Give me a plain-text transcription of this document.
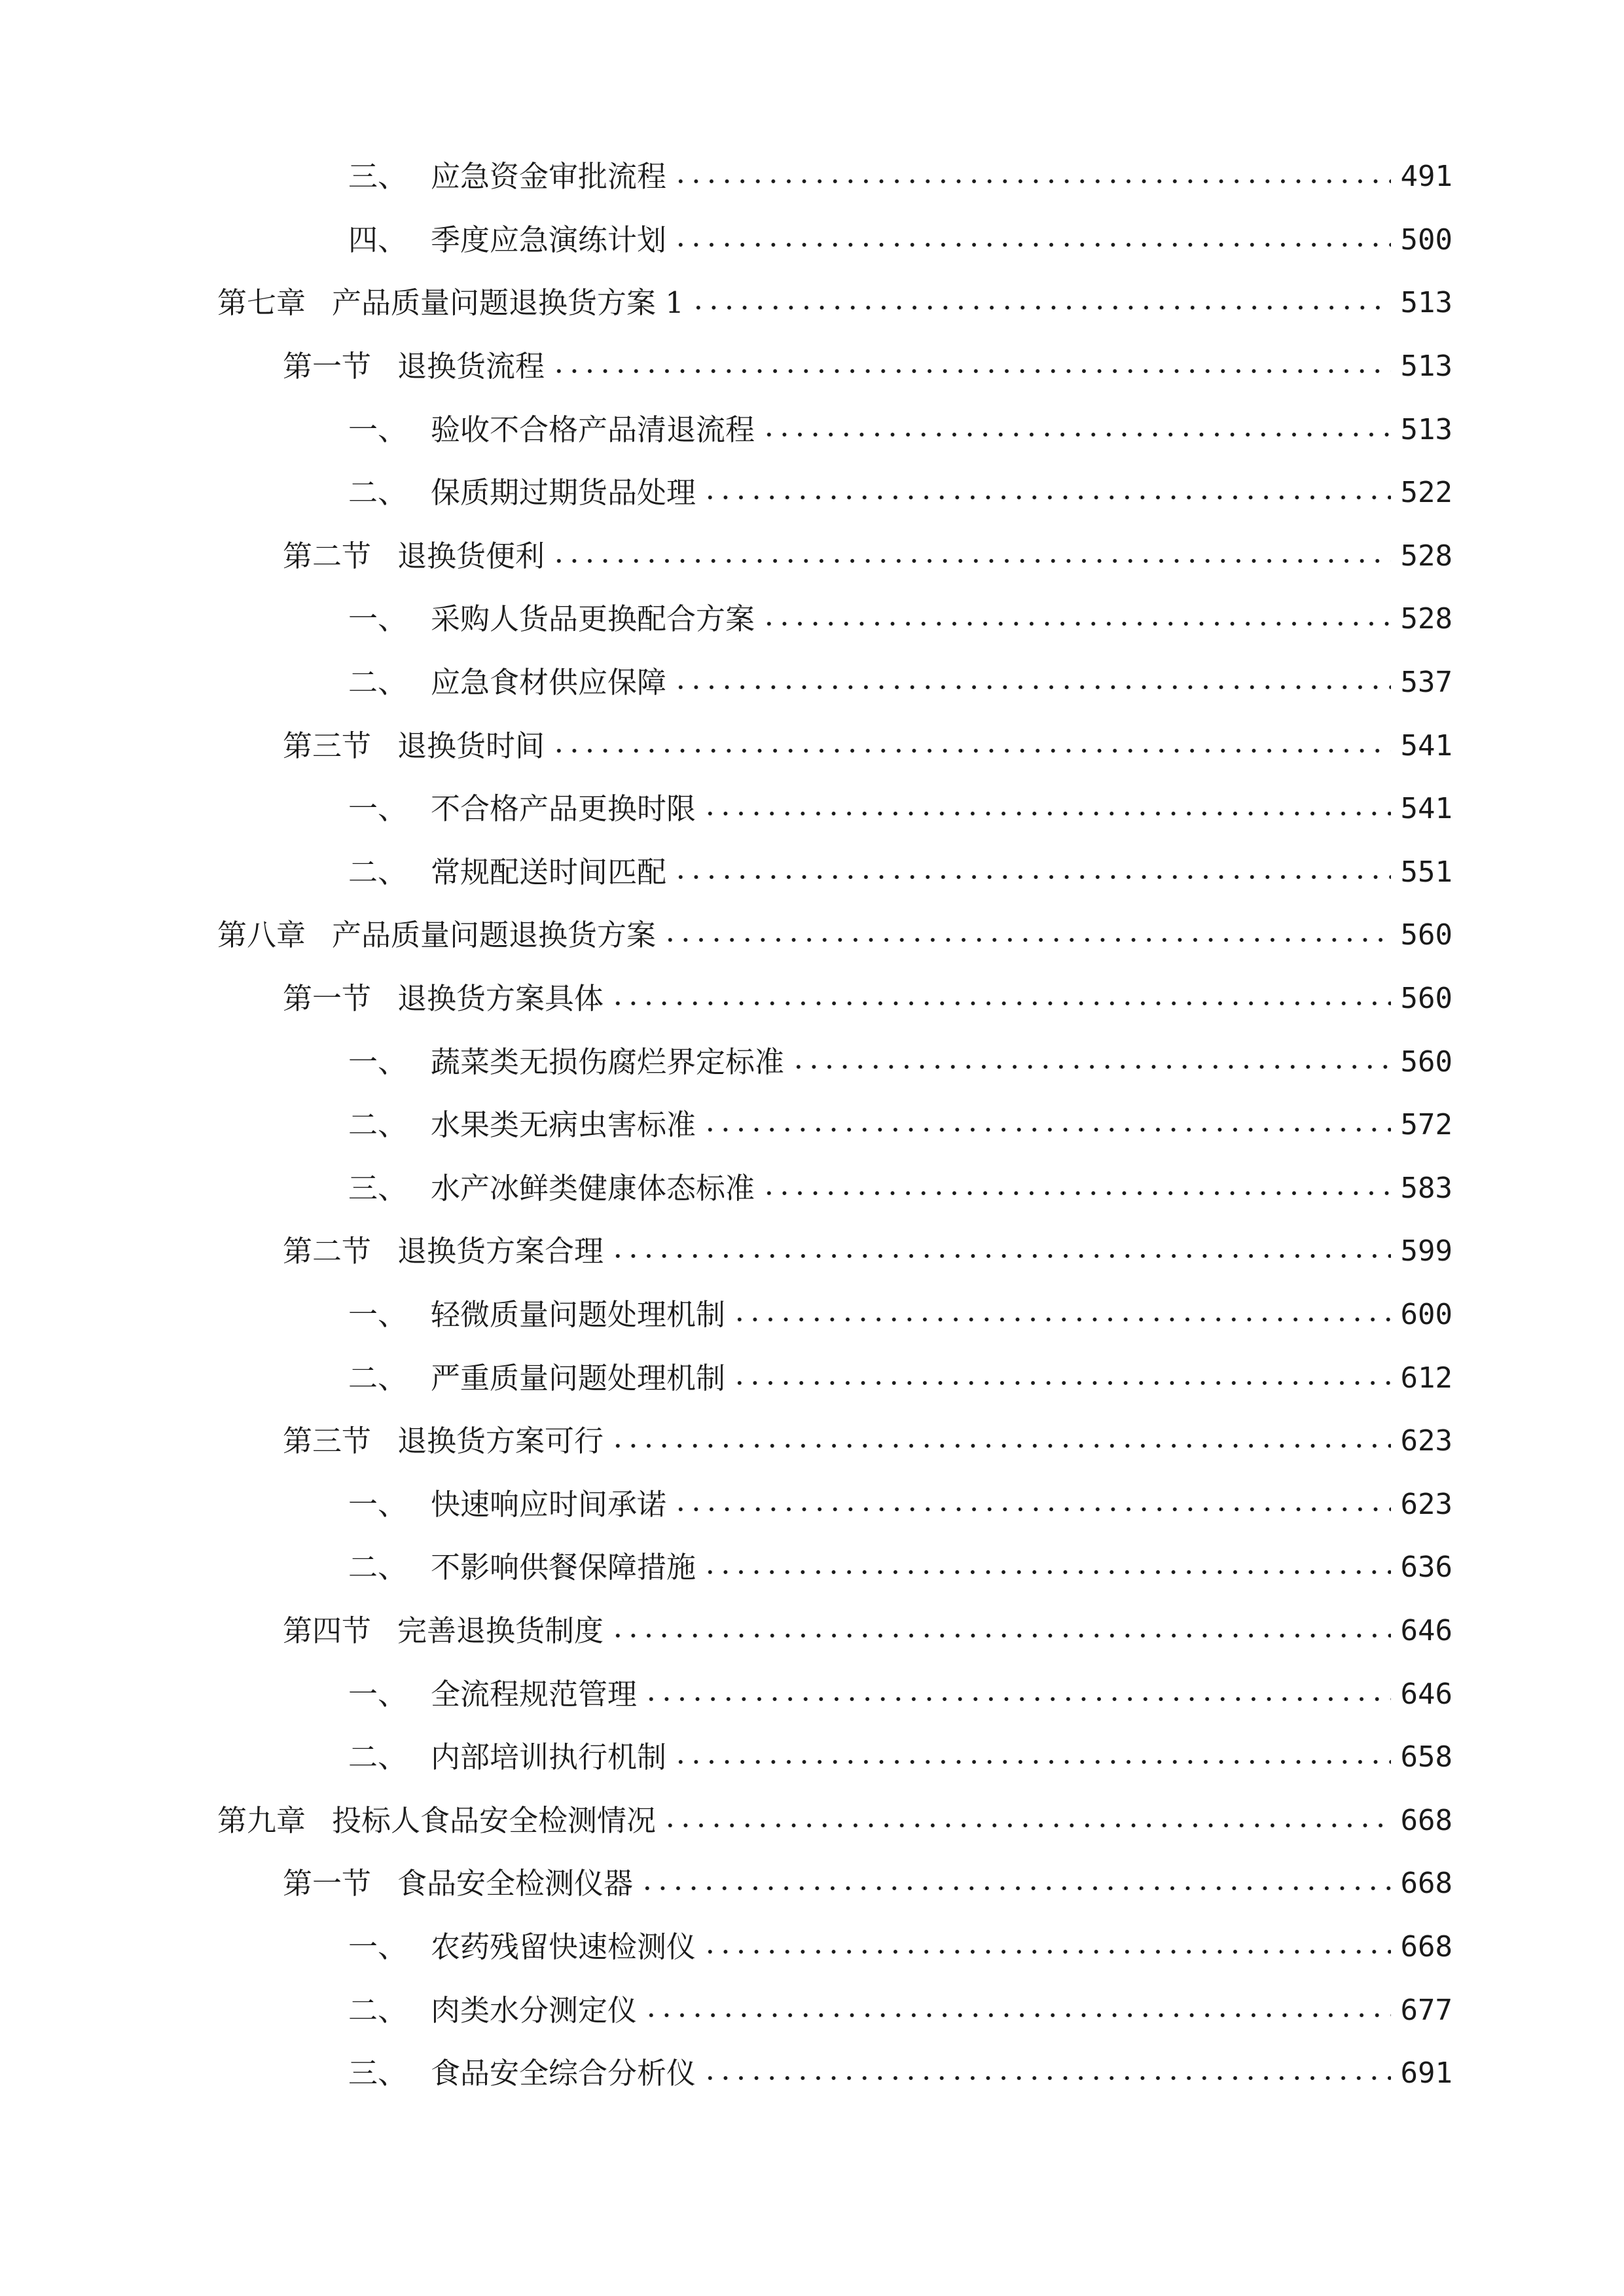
三、 应急资金审批流程	491
四、 季度应急演练计划	500
第七章 产品质量问题退换货方案 1	513
第一节 退换货流程	513
一、 验收不合格产品清退流程	513
二、 保质期过期货品处理	522
第二节 退换货便利	528
一、 采购人货品更换配合方案	528
二、 应急食材供应保障	537
第三节 退换货时间	541
一、 不合格产品更换时限	541
二、 常规配送时间匹配	551
第八章 产品质量问题退换货方案	560
第一节 退换货方案具体	560
一、 蔬菜类无损伤腐烂界定标准	560
二、 水果类无病虫害标准	572
三、 水产冰鲜类健康体态标准	583
第二节 退换货方案合理	599
一、 轻微质量问题处理机制	600
二、 严重质量问题处理机制	612
第三节 退换货方案可行	623
一、 快速响应时间承诺	623
二、 不影响供餐保障措施	636
第四节 完善退换货制度	646
一、 全流程规范管理	646
二、 内部培训执行机制	658
第九章 投标人食品安全检测情况	668
第一节 食品安全检测仪器	668
一、 农药残留快速检测仪	668
二、 肉类水分测定仪	677
三、 食品安全综合分析仪	691
